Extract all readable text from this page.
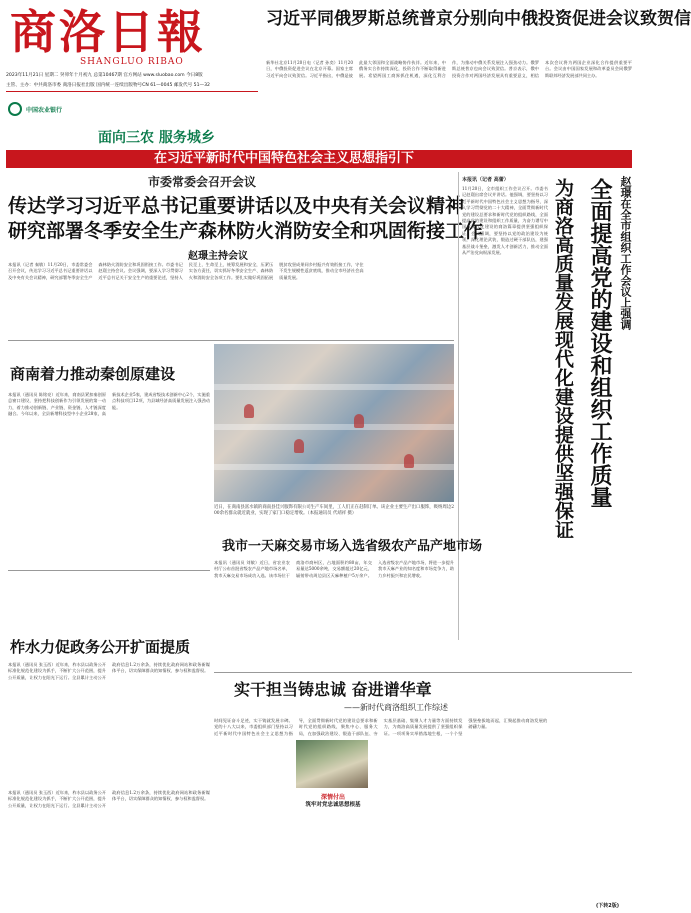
商洛日報
SHANGLUO RIBAO
2023年11月21日 星期二 癸卯年十月初九 总第10467期 官方网站 www.sluobao.com 今日8版
主管、主办：中共商洛市委 商洛日报社出版 国内统一连续出版物号CN 61—0045 邮发代号 51—32
中国农业银行
面向三农 服务城乡
习近平同俄罗斯总统普京分别向中俄投资促进会议致贺信
新华社北京11月20日电（记者 孙奕）11月20日，中俄投资促进会议在北京开幕。国家主席习近平向会议致贺信。习近平指出，中俄是彼此最大邻国和全面战略协作伙伴。近年来，中俄务实合作持续深化，投资合作不断取得新进展。希望两国工商界抓住机遇，深化互利合作，为推动中俄关系发展注入强劲动力。俄罗斯总统普京也向会议致贺信。普京表示，俄中投资合作对两国经济发展具有重要意义，相信本次会议将为两国企业深化合作提供重要平台。会议由中国国家发展和改革委员会同俄罗斯联邦经济发展部共同主办。
在习近平新时代中国特色社会主义思想指引下
市委常委会召开会议
传达学习习近平总书记重要讲话以及中央有关会议精神
研究部署冬季安全生产森林防火消防安全和巩固衔接工作
赵璟主持会议
本报讯（记者 秦敏）11月20日，市委常委会召开会议，传达学习习近平总书记重要讲话以及中央有关会议精神，研究部署冬季安全生产森林防火消防安全和巩固衔接工作。市委书记赵璟主持会议。会议强调，要深入学习贯彻习近平总书记关于安全生产的重要论述，坚持人民至上、生命至上，统筹发展和安全，压紧压实各方责任，切实抓好冬季安全生产、森林防火和消防安全各项工作。要扎实做好巩固拓展脱贫攻坚成果同乡村振兴有效衔接工作，守住不发生规模性返贫底线，推动全市经济社会高质量发展。	赵璟在全市组织工作会议上强调
全面提高党的建设和组织工作质量
为商洛高质量发展现代化建设提供坚强保证
本报讯（记者 高蕾）
11月20日，全市组织工作会议召开。市委书记赵璟出席会议并讲话。他强调，要坚持以习近平新时代中国特色社会主义思想为指导，深入学习贯彻党的二十大精神，全面贯彻新时代党的建设总要求和新时代党的组织路线，全面提高党的建设和组织工作质量，为奋力谱写中国式现代化建设的商洛篇章提供坚强组织保证。会议强调，要坚持以党的政治建设为统领，深化理论武装，锻造过硬干部队伍，建强基层战斗堡垒，激发人才创新活力，推动全面从严治党向纵深发展。
商南着力推动秦创原建设
本报讯（通讯员 陈铭亮）近年来，商南县紧扣秦创原总窗口建设，坚持把科技创新作为引领发展的第一动力，着力推动创新链、产业链、资金链、人才链深度融合。今年以来，全县新增科技型中小企业28家，高新技术企业5家，建成省级技术创新中心2个，实施重点科技项目12项，为县域经济高质量发展注入强劲动能。
近日，在商南县富水镇的商南县佳兴服饰有限公司生产车间里，工人们正在赶制订单。该企业主要生产出口服饰，吸纳周边200余名群众就近就业，实现了家门口稳定增收。（本报通讯员 代靖祥 摄）
我市一天麻交易市场入选省级农产品产地市场
本报讯（通讯员 刘敏）近日，省农业农村厅公布首批省级农产品产地市场名单，我市天麻交易市场成功入选。该市场位于商洛市商州区，占地面积约80亩，年交易量达5000余吨，交易额超过20亿元，辐射带动周边县区天麻种植户5万余户。入选省级农产品产地市场，将进一步提升我市天麻产业的知名度和市场竞争力，助力乡村振兴和农民增收。
柞水力促政务公开扩面提质
本报讯（通讯员 张玉西）近年来，柞水县以政务公开标准化规范化建设为抓手，不断扩大公开范围，提升公开质量，让权力在阳光下运行。全县累计主动公开政府信息1.2万余条，持续优化政府网站和政务新媒体平台，切实保障群众的知情权、参与权和监督权。
实干担当铸忠诚 奋进谱华章
——新时代商洛组织工作综述
时间见证奋斗足迹，实干铸就发展丰碑。党的十八大以来，市委组织部门坚持以习近平新时代中国特色社会主义思想为指导，全面贯彻新时代党的建设总要求和新时代党的组织路线，聚焦中心、服务大局，在加强政治建设、锻造干部队伍、夯实基层基础、集聚人才力量等方面持续发力，为商洛高质量发展提供了坚强组织保证。一项项务实举措落地生根，一个个坚强堡垒拔地而起，汇聚起推动商洛发展的磅礴力量。
深情付出
筑牢对党忠诚思想根基
本报讯（通讯员 张玉西）近年来，柞水县以政务公开标准化规范化建设为抓手，不断扩大公开范围，提升公开质量，让权力在阳光下运行。全县累计主动公开政府信息1.2万余条，持续优化政府网站和政务新媒体平台，切实保障群众的知情权、参与权和监督权。
(下转2版)
